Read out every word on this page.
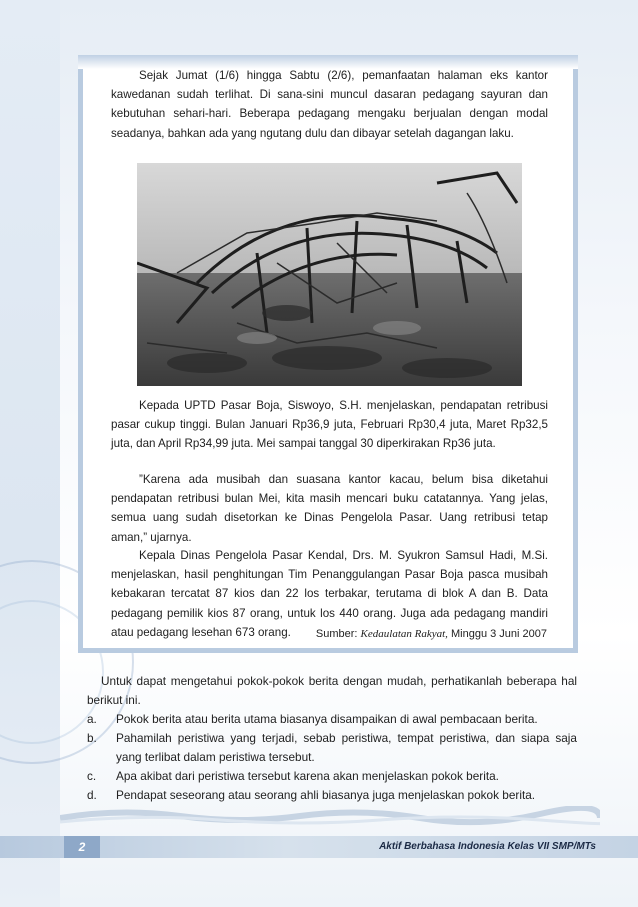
Sejak Jumat (1/6) hingga Sabtu (2/6), pemanfaatan halaman eks kantor kawedanan sudah terlihat. Di sana-sini muncul dasaran pedagang sayuran dan kebutuhan sehari-hari. Beberapa pedagang mengaku berjualan dengan modal seadanya, bahkan ada yang ngutang dulu dan dibayar setelah dagangan laku.

Kepada UPTD Pasar Boja, Siswoyo, S.H. menjelaskan, pendapatan retribusi pasar cukup tinggi. Bulan Januari Rp36,9 juta, Februari Rp30,4 juta, Maret Rp32,5 juta, dan April Rp34,99 juta. Mei sampai tanggal 30 diperkirakan Rp36 juta.

”Karena ada musibah dan suasana kantor kacau, belum bisa diketahui pendapatan retribusi bulan Mei, kita masih mencari buku catatannya. Yang jelas, semua uang sudah disetorkan ke Dinas Pengelola Pasar. Uang retribusi tetap aman,” ujarnya.

Kepala Dinas Pengelola Pasar Kendal, Drs. M. Syukron Samsul Hadi, M.Si. menjelaskan, hasil penghitungan Tim Penanggulangan Pasar Boja pasca musibah kebakaran tercatat 87 kios dan 22 los terbakar, terutama di blok A dan B. Data pedagang pemilik kios 87 orang, untuk los 440 orang. Juga ada pedagang mandiri atau pedagang lesehan 673 orang.	Sumber: Kedaulatan Rakyat, Minggu 3 Juni 2007

Untuk dapat mengetahui pokok-pokok berita dengan mudah, perhatikanlah beberapa hal berikut ini.

a.	Pokok berita atau berita utama biasanya disampaikan di awal pembacaan berita.
b.	Pahamilah peristiwa yang terjadi, sebab peristiwa, tempat peristiwa, dan siapa saja yang terlibat dalam peristiwa tersebut.
c.	Apa akibat dari peristiwa tersebut karena akan menjelaskan pokok berita.
d.	Pendapat seseorang atau seorang ahli biasanya juga menjelaskan pokok berita.
2	Aktif Berbahasa Indonesia Kelas VII SMP/MTs
